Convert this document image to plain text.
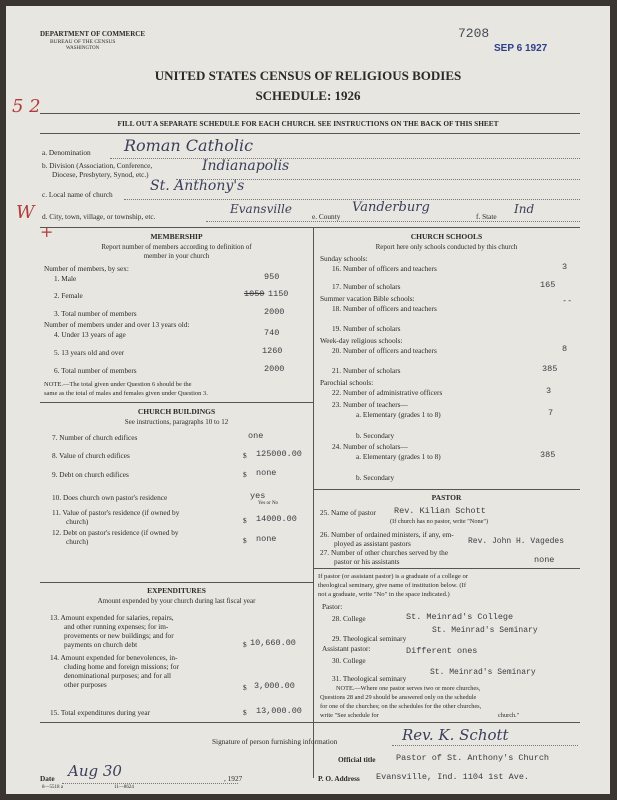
DEPARTMENT OF COMMERCE
BUREAU OF THE CENSUS
WASHINGTON
7208
SEP 6 1927
UNITED STATES CENSUS OF RELIGIOUS BODIES
SCHEDULE: 1926
5 2
FILL OUT A SEPARATE SCHEDULE FOR EACH CHURCH. SEE INSTRUCTIONS ON THE BACK OF THIS SHEET
a. Denomination Roman Catholic
b. Division (Association, Conference,
Diocese, Presbytery, Synod, etc.)
Indianapolis
c. Local name of church
St. Anthony's
d. City, town, village, or township, etc.
Evansville
e. County
Vanderburg
f. State
Ind
W
+	MEMBERSHIP
Report number of members according to definition of
member in your church
Number of members, by sex:
1. Male	950
2. Female	1050 1150
3. Total number of members	2000
Number of members under and over 13 years old:
4. Under 13 years of age	740
5. 13 years old and over	1260
6. Total number of members	2000
NOTE.—The total given under Question 6 should be the
same as the total of males and females given under Question 3.
CHURCH BUILDINGS
See instructions, paragraphs 10 to 12
7. Number of church edifices	one
8. Value of church edifices	$ 125000.00
9. Debt on church edifices	$ none
10. Does church own pastor's residence	yes
Yes or No
11. Value of pastor's residence (if owned by
church)	$ 14000.00
12. Debt on pastor's residence (if owned by
church)	$ none
EXPENDITURES
Amount expended by your church during last fiscal year
13. Amount expended for salaries, repairs,
and other running expenses; for im-
provements or new buildings; and for
payments on church debt	$ 10,660.00
14. Amount expended for benevolences, in-
cluding home and foreign missions; for
denominational purposes; and for all
other purposes	$ 3,000.00
15. Total expenditures during year	$ 13,000.00
CHURCH SCHOOLS
Report here only schools conducted by this church
Sunday schools:
16. Number of officers and teachers	3
17. Number of scholars	165
Summer vacation Bible schools:
18. Number of officers and teachers
--
19. Number of scholars
Week-day religious schools:
20. Number of officers and teachers	8
21. Number of scholars	385
Parochial schools:
22. Number of administrative officers	3
23. Number of teachers—
a. Elementary (grades 1 to 8)	7
b. Secondary
24. Number of scholars—
a. Elementary (grades 1 to 8)	385
b. Secondary
PASTOR
25. Name of pastor Rev. Kilian Schott
(If church has no pastor, write "None")
26. Number of ordained ministers, if any, em-
ployed as assistant pastors	Rev. John H. Vagedes
27. Number of other churches served by the
pastor or his assistants	none
If pastor (or assistant pastor) is a graduate of a college or
theological seminary, give name of institution below. (If
not a graduate, write "No" in the space indicated.)
Pastor:
28. College	St. Meinrad's College
29. Theological seminary
St. Meinrad's Seminary
Assistant pastor:
30. College
Different ones
31. Theological seminary
St. Meinrad's Seminary
NOTE.—Where one pastor serves two or more churches,
Questions 28 and 29 should be answered only on the schedule
for one of the churches; on the schedules for the other churches,
write "See schedule for	church."
Signature of person furnishing information	Rev. K. Schott
Official title Pastor of St. Anthony's Church
Date Aug 30	, 1927	P. O. Address Evansville, Ind. 1104 1st Ave.
8—5518 a	11—8624
